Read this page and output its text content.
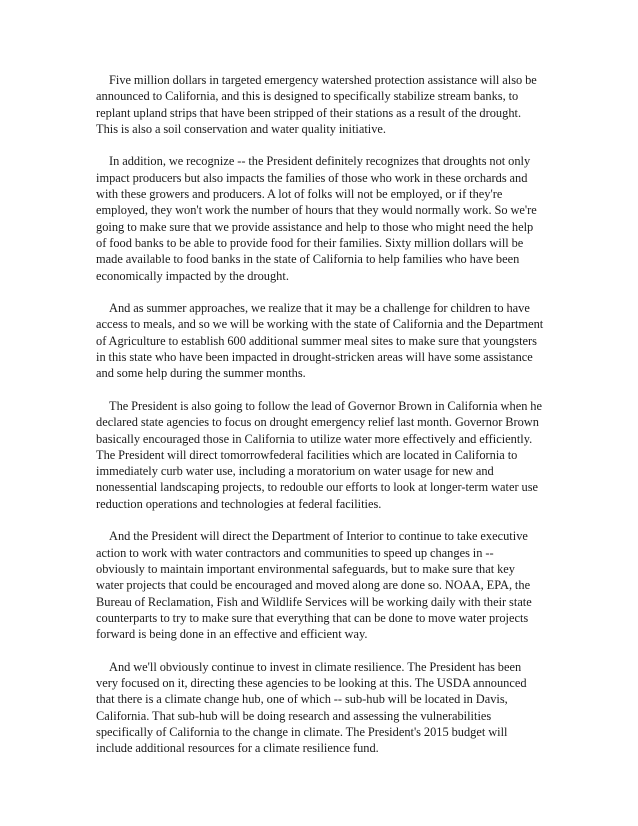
Five million dollars in targeted emergency watershed protection assistance will also be announced to California, and this is designed to specifically stabilize stream banks, to replant upland strips that have been stripped of their stations as a result of the drought. This is also a soil conservation and water quality initiative.

In addition, we recognize -- the President definitely recognizes that droughts not only impact producers but also impacts the families of those who work in these orchards and with these growers and producers. A lot of folks will not be employed, or if they're employed, they won't work the number of hours that they would normally work. So we're going to make sure that we provide assistance and help to those who might need the help of food banks to be able to provide food for their families. Sixty million dollars will be made available to food banks in the state of California to help families who have been economically impacted by the drought.

And as summer approaches, we realize that it may be a challenge for children to have access to meals, and so we will be working with the state of California and the Department of Agriculture to establish 600 additional summer meal sites to make sure that youngsters in this state who have been impacted in drought-stricken areas will have some assistance and some help during the summer months.

The President is also going to follow the lead of Governor Brown in California when he declared state agencies to focus on drought emergency relief last month. Governor Brown basically encouraged those in California to utilize water more effectively and efficiently. The President will direct tomorrowfederal facilities which are located in California to immediately curb water use, including a moratorium on water usage for new and nonessential landscaping projects, to redouble our efforts to look at longer-term water use reduction operations and technologies at federal facilities.

And the President will direct the Department of Interior to continue to take executive action to work with water contractors and communities to speed up changes in -- obviously to maintain important environmental safeguards, but to make sure that key water projects that could be encouraged and moved along are done so. NOAA, EPA, the Bureau of Reclamation, Fish and Wildlife Services will be working daily with their state counterparts to try to make sure that everything that can be done to move water projects forward is being done in an effective and efficient way.

And we'll obviously continue to invest in climate resilience. The President has been very focused on it, directing these agencies to be looking at this. The USDA announced that there is a climate change hub, one of which -- sub-hub will be located in Davis, California. That sub-hub will be doing research and assessing the vulnerabilities specifically of California to the change in climate. The President's 2015 budget will include additional resources for a climate resilience fund.
